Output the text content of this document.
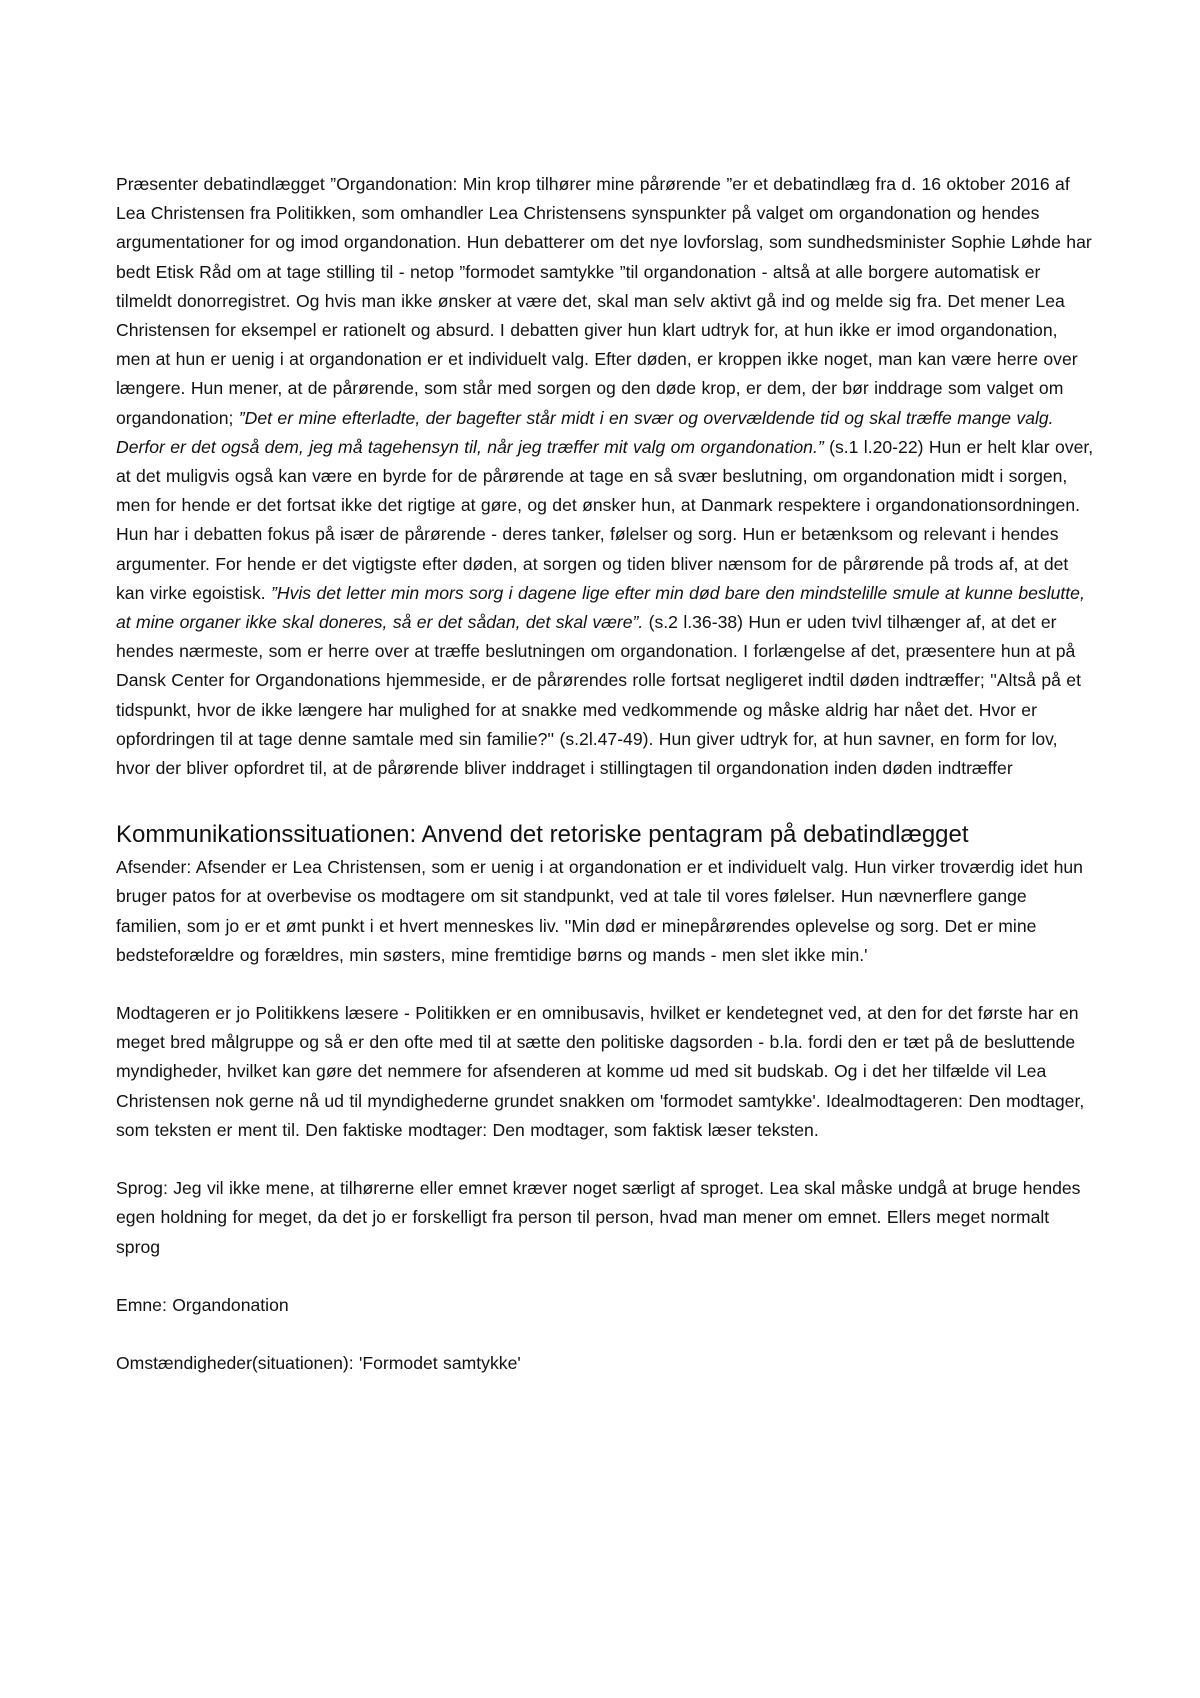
Præsenter debatindlægget ”Organdonation: Min krop tilhører mine pårørende ”er et debatindlæg fra d. 16 oktober 2016 af Lea Christensen fra Politikken, som omhandler Lea Christensens synspunkter på valget om organdonation og hendes argumentationer for og imod organdonation. Hun debatterer om det nye lovforslag, som sundhedsminister Sophie Løhde har bedt Etisk Råd om at tage stilling til - netop ”formodet samtykke ”til organdonation - altså at alle borgere automatisk er tilmeldt donorregistret. Og hvis man ikke ønsker at være det, skal man selv aktivt gå ind og melde sig fra. Det mener Lea Christensen for eksempel er rationelt og absurd. I debatten giver hun klart udtryk for, at hun ikke er imod organdonation, men at hun er uenig i at organdonation er et individuelt valg. Efter døden, er kroppen ikke noget, man kan være herre over længere. Hun mener, at de pårørende, som står med sorgen og den døde krop, er dem, der bør inddrage som valget om organdonation; ”Det er mine efterladte, der bagefter står midt i en svær og overvældende tid og skal træffe mange valg. Derfor er det også dem, jeg må tagehensyn til, når jeg træffer mit valg om organdonation.” (s.1 l.20-22) Hun er helt klar over, at det muligvis også kan være en byrde for de pårørende at tage en så svær beslutning, om organdonation midt i sorgen, men for hende er det fortsat ikke det rigtige at gøre, og det ønsker hun, at Danmark respektere i organdonationsordningen. Hun har i debatten fokus på især de pårørende - deres tanker, følelser og sorg. Hun er betænksom og relevant i hendes argumenter. For hende er det vigtigste efter døden, at sorgen og tiden bliver nænsom for de pårørende på trods af, at det kan virke egoistisk. ”Hvis det letter min mors sorg i dagene lige efter min død bare den mindstelille smule at kunne beslutte, at mine organer ikke skal doneres, så er det sådan, det skal være”. (s.2 l.36-38) Hun er uden tvivl tilhænger af, at det er hendes nærmeste, som er herre over at træffe beslutningen om organdonation. I forlængelse af det, præsentere hun at på Dansk Center for Organdonations hjemmeside, er de pårørendes rolle fortsat negligeret indtil døden indtræffer; ''Altså på et tidspunkt, hvor de ikke længere har mulighed for at snakke med vedkommende og måske aldrig har nået det. Hvor er opfordringen til at tage denne samtale med sin familie?'' (s.2l.47-49). Hun giver udtryk for, at hun savner, en form for lov, hvor der bliver opfordret til, at de pårørende bliver inddraget i stillingtagen til organdonation inden døden indtræffer

Kommunikationssituationen: Anvend det retoriske pentagram på debatindlægget

Afsender: Afsender er Lea Christensen, som er uenig i at organdonation er et individuelt valg. Hun virker troværdig idet hun bruger patos for at overbevise os modtagere om sit standpunkt, ved at tale til vores følelser. Hun nævnerflere gange familien, som jo er et ømt punkt i et hvert menneskes liv. ''Min død er minepårørendes oplevelse og sorg. Det er mine bedsteforældre og forældres, min søsters, mine fremtidige børns og mands - men slet ikke min.'

Modtageren er jo Politikkens læsere - Politikken er en omnibusavis, hvilket er kendetegnet ved, at den for det første har en meget bred målgruppe og så er den ofte med til at sætte den politiske dagsorden - b.la. fordi den er tæt på de besluttende myndigheder, hvilket kan gøre det nemmere for afsenderen at komme ud med sit budskab. Og i det her tilfælde vil Lea Christensen nok gerne nå ud til myndighederne grundet snakken om 'formodet samtykke'. Idealmodtageren: Den modtager, som teksten er ment til. Den faktiske modtager: Den modtager, som faktisk læser teksten.

Sprog: Jeg vil ikke mene, at tilhørerne eller emnet kræver noget særligt af sproget. Lea skal måske undgå at bruge hendes egen holdning for meget, da det jo er forskelligt fra person til person, hvad man mener om emnet. Ellers meget normalt sprog

Emne: Organdonation

Omstændigheder(situationen): 'Formodet samtykke'
